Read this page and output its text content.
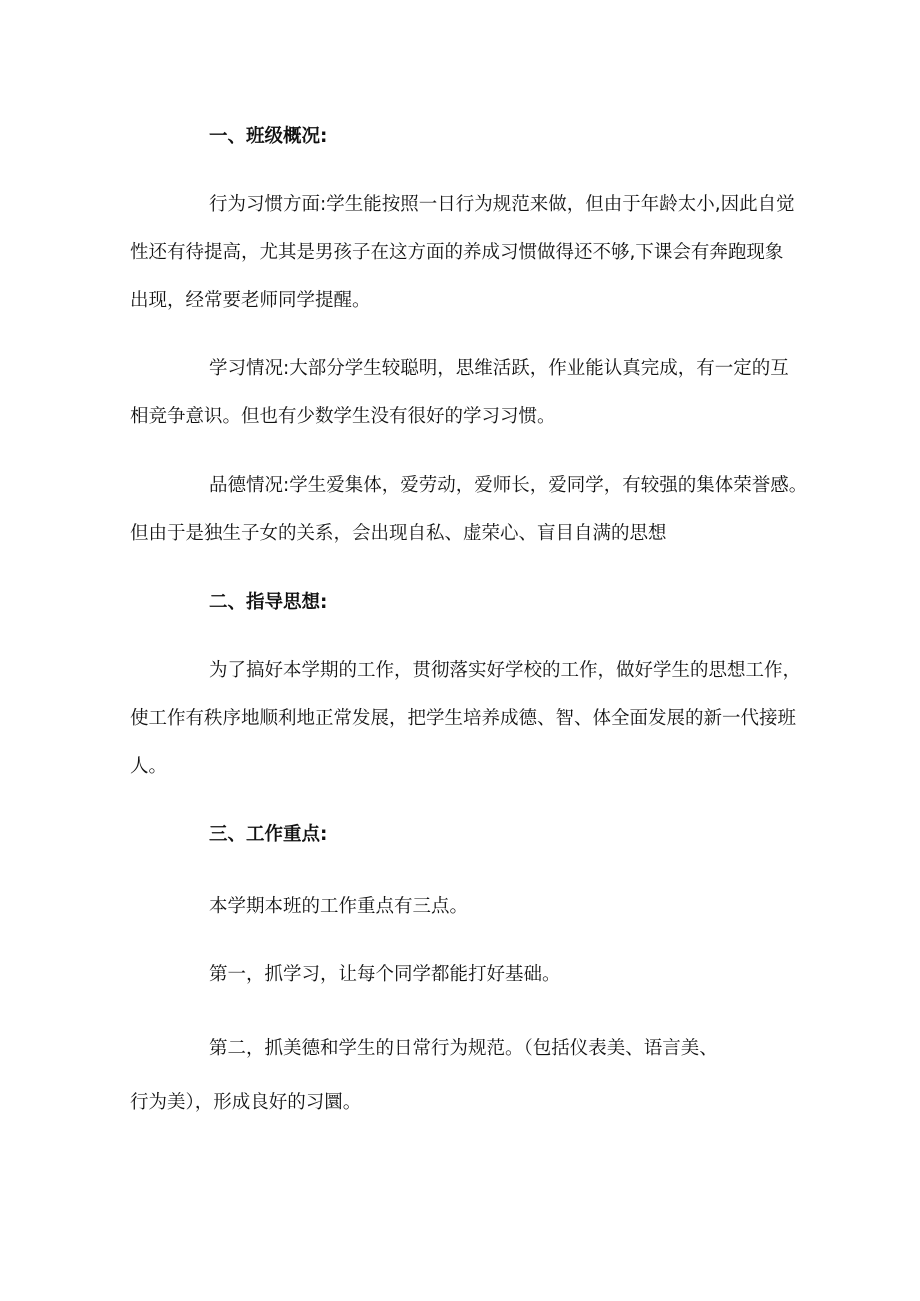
一、班级概况:

行为习惯方面:学生能按照一日行为规范来做，但由于年龄太小,因此自觉
性还有待提高，尤其是男孩子在这方面的养成习惯做得还不够,下课会有奔跑现象
出现，经常要老师同学提醒。

学习情况:大部分学生较聪明，思维活跃，作业能认真完成，有一定的互
相竞争意识。但也有少数学生没有很好的学习习惯。

品德情况:学生爱集体，爱劳动，爱师长，爱同学，有较强的集体荣誉感。
但由于是独生子女的关系，会出现自私、虚荣心、盲目自满的思想

二、指导思想:

为了搞好本学期的工作，贯彻落实好学校的工作，做好学生的思想工作，
使工作有秩序地顺利地正常发展，把学生培养成德、智、体全面发展的新一代接班
人。

三、工作重点:

本学期本班的工作重点有三点。

第一，抓学习，让每个同学都能打好基础。

第二，抓美德和学生的日常行为规范。（包括仪表美、语言美、
行为美），形成良好的习圜。
